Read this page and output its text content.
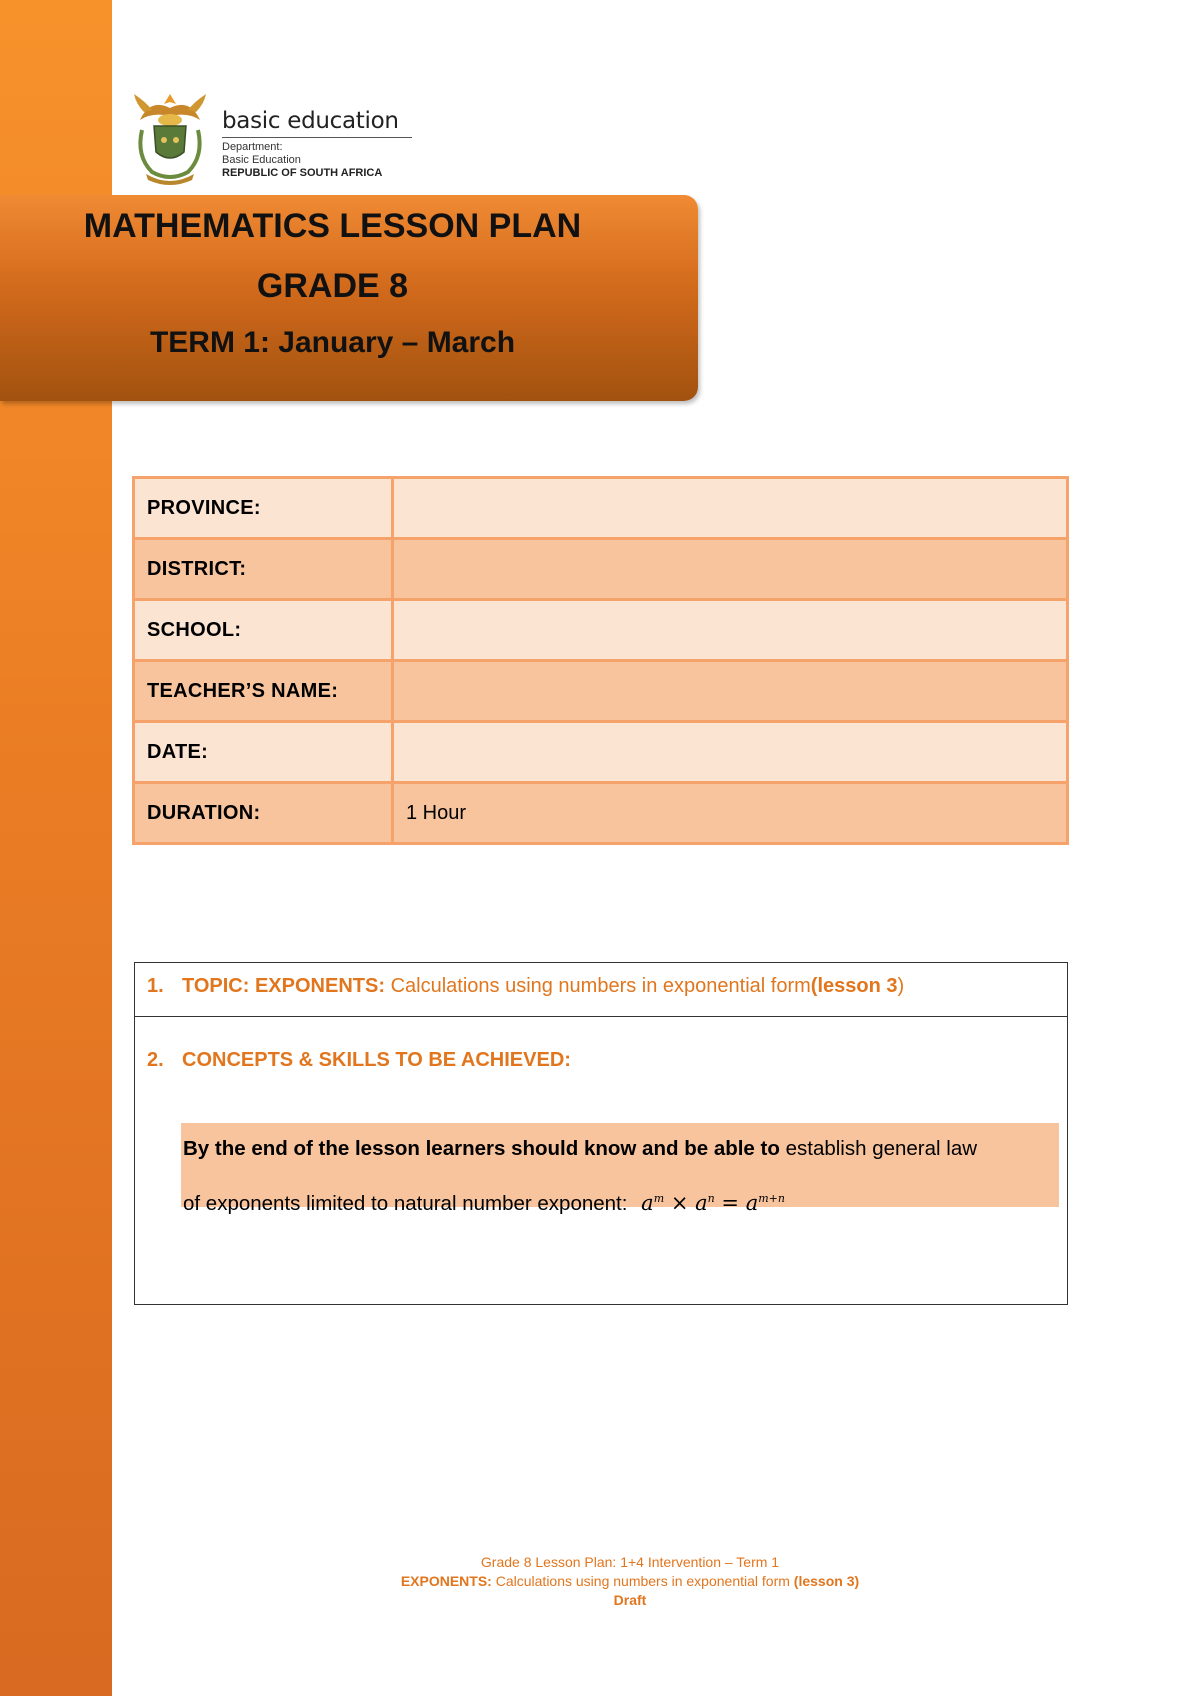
basic education
Department:
Basic Education
REPUBLIC OF SOUTH AFRICA
MATHEMATICS LESSON PLAN
GRADE 8
TERM 1: January – March
PROVINCE:	
DISTRICT:	
SCHOOL:	
TEACHER’S NAME:	
DATE:	
DURATION:	1 Hour
1. TOPIC: EXPONENTS: Calculations using numbers in exponential form(lesson 3)
2. CONCEPTS & SKILLS TO BE ACHIEVED:
By the end of the lesson learners should know and be able to establish general law
of exponents limited to natural number exponent: $a^m \times a^n = a^{m+n}$
Grade 8 Lesson Plan: 1+4 Intervention – Term 1
EXPONENTS: Calculations using numbers in exponential form (lesson 3)
Draft
